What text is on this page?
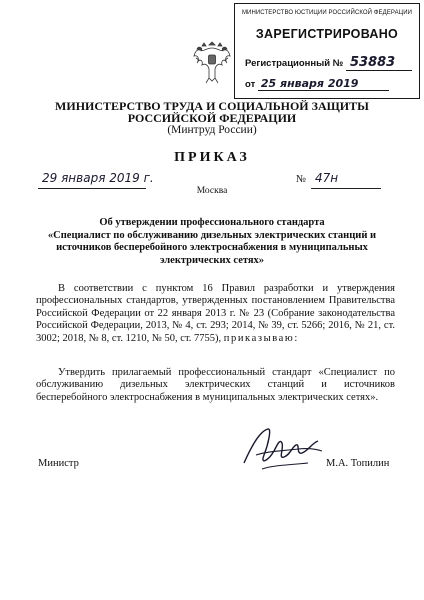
МИНИСТЕРСТВО ЮСТИЦИИ РОССИЙСКОЙ ФЕДЕРАЦИИ
ЗАРЕГИСТРИРОВАНО
Регистрационный № 53883
от 25 января 2019
МИНИСТЕРСТВО ТРУДА И СОЦИАЛЬНОЙ ЗАЩИТЫ
РОССИЙСКОЙ ФЕДЕРАЦИИ
(Минтруд России)
ПРИКАЗ
29 января 2019 г.	№ 47н
Москва
Об утверждении профессионального стандарта
«Специалист по обслуживанию дизельных электрических станций и
источников бесперебойного электроснабжения в муниципальных
электрических сетях»
В соответствии с пунктом 16 Правил разработки и утверждения профессиональных стандартов, утвержденных постановлением Правительства Российской Федерации от 22 января 2013 г. № 23 (Собрание законодательства Российской Федерации, 2013, № 4, ст. 293; 2014, № 39, ст. 5266; 2016, № 21, ст. 3002; 2018, № 8, ст. 1210, № 50, ст. 7755), приказываю:
Утвердить прилагаемый профессиональный стандарт «Специалист по обслуживанию дизельных электрических станций и источников бесперебойного электроснабжения в муниципальных электрических сетях».
Министр	М.А. Топилин
